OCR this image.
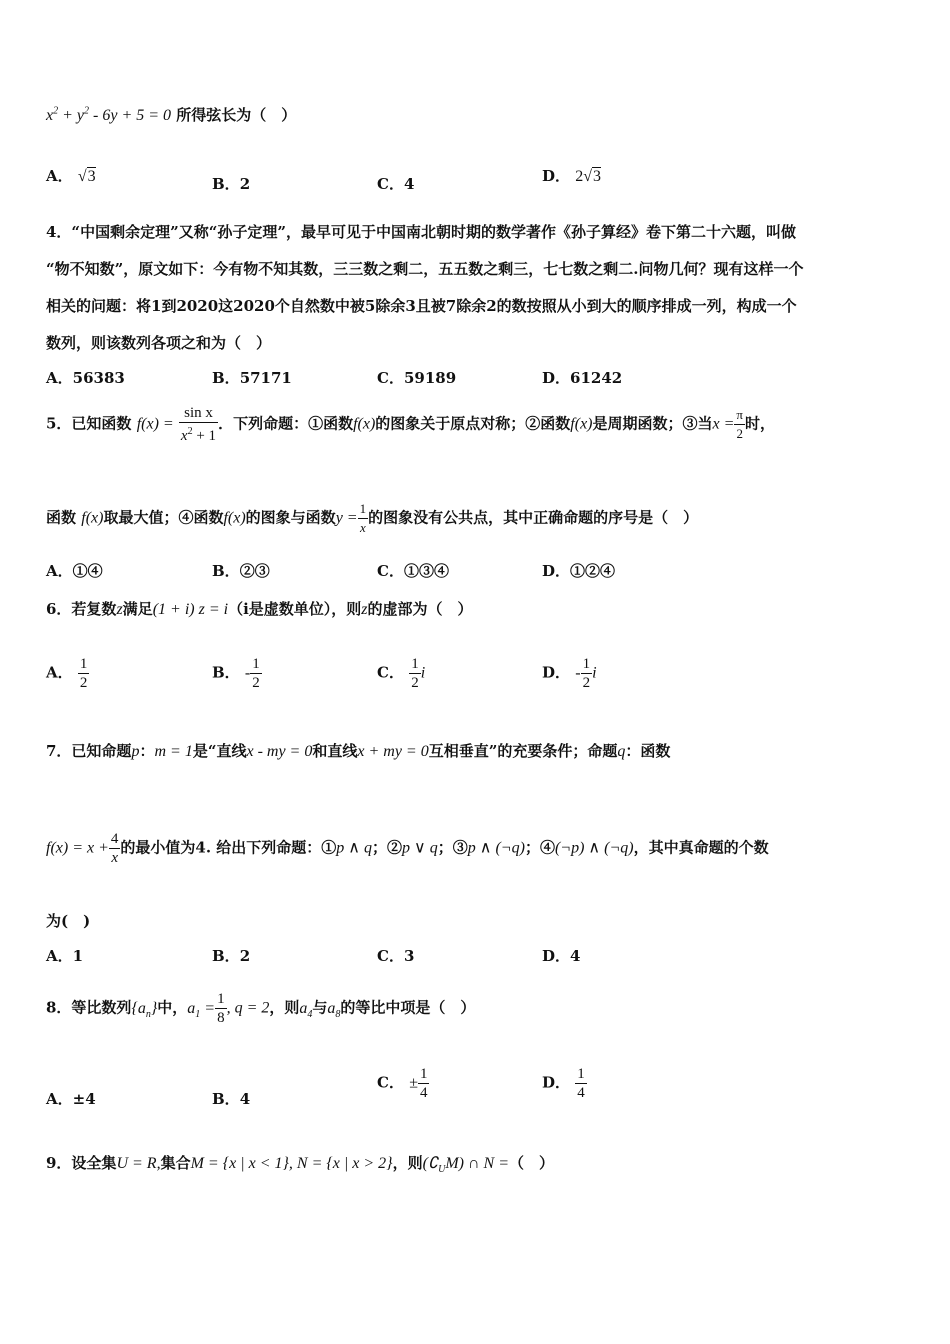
$x^2 + y^2 - 6y + 5 = 0$ 所得弦长为（　）
A． √3	B．2	C．4	D． 2√3
4．“中国剩余定理”又称“孙子定理”，最早可见于中国南北朝时期的数学著作《孙子算经》卷下第二十六题，叫做
“物不知数”，原文如下：今有物不知其数，三三数之剩二，五五数之剩三，七七数之剩二.问物几何？现有这样一个
相关的问题：将1到2020这2020个自然数中被5除余3且被7除余2的数按照从小到大的顺序排成一列，构成一个
数列，则该数列各项之和为（　）
A．56383	B．57171	C．59189	D．61242
5．已知函数 $f(x) = \frac{\text{sin x}}{x^2 + 1}$ ．下列命题：①函数f(x)的图象关于原点对称；②函数f(x)是周期函数；③当$x = \frac{\pi}{2}$ 时，
函数 f(x)取最大值；④函数f(x)的图象与函数$y = \frac{1}{x}$ 的图象没有公共点，其中正确命题的序号是（　）
A．①④	B．②③	C．①③④	D．①②④
6．若复数z满足(1 + i) z = i（i是虚数单位），则z的虚部为（　）
A． $\frac{1}{2}$	B． - $\frac{1}{2}$	C． $\frac{1}{2}$ i	D． - $\frac{1}{2}$ i
7．已知命题p：m = 1是“直线x - my = 0和直线x + my = 0互相垂直”的充要条件；命题q：函数
$f(x) = x + \frac{4}{x}$ 的最小值为4. 给出下列命题：①p ∧ q；②p ∨ q；③p ∧ (¬q)；④(¬p) ∧ (¬q)，其中真命题的个数
为(　)
A．1	B．2	C．3	D．4
8．等比数列$\{a_n\}$中，$a_1 = \frac{1}{8}$ , q = 2，则$a_4$与$a_8$的等比中项是（　）
A．±4	B．4
C． ± $\frac{1}{4}$	D． $\frac{1}{4}$
9．设全集U = R,集合M = {x | x < 1}, N = {x | x > 2}，则$(∁_UM)$ ∩ N =（　）
